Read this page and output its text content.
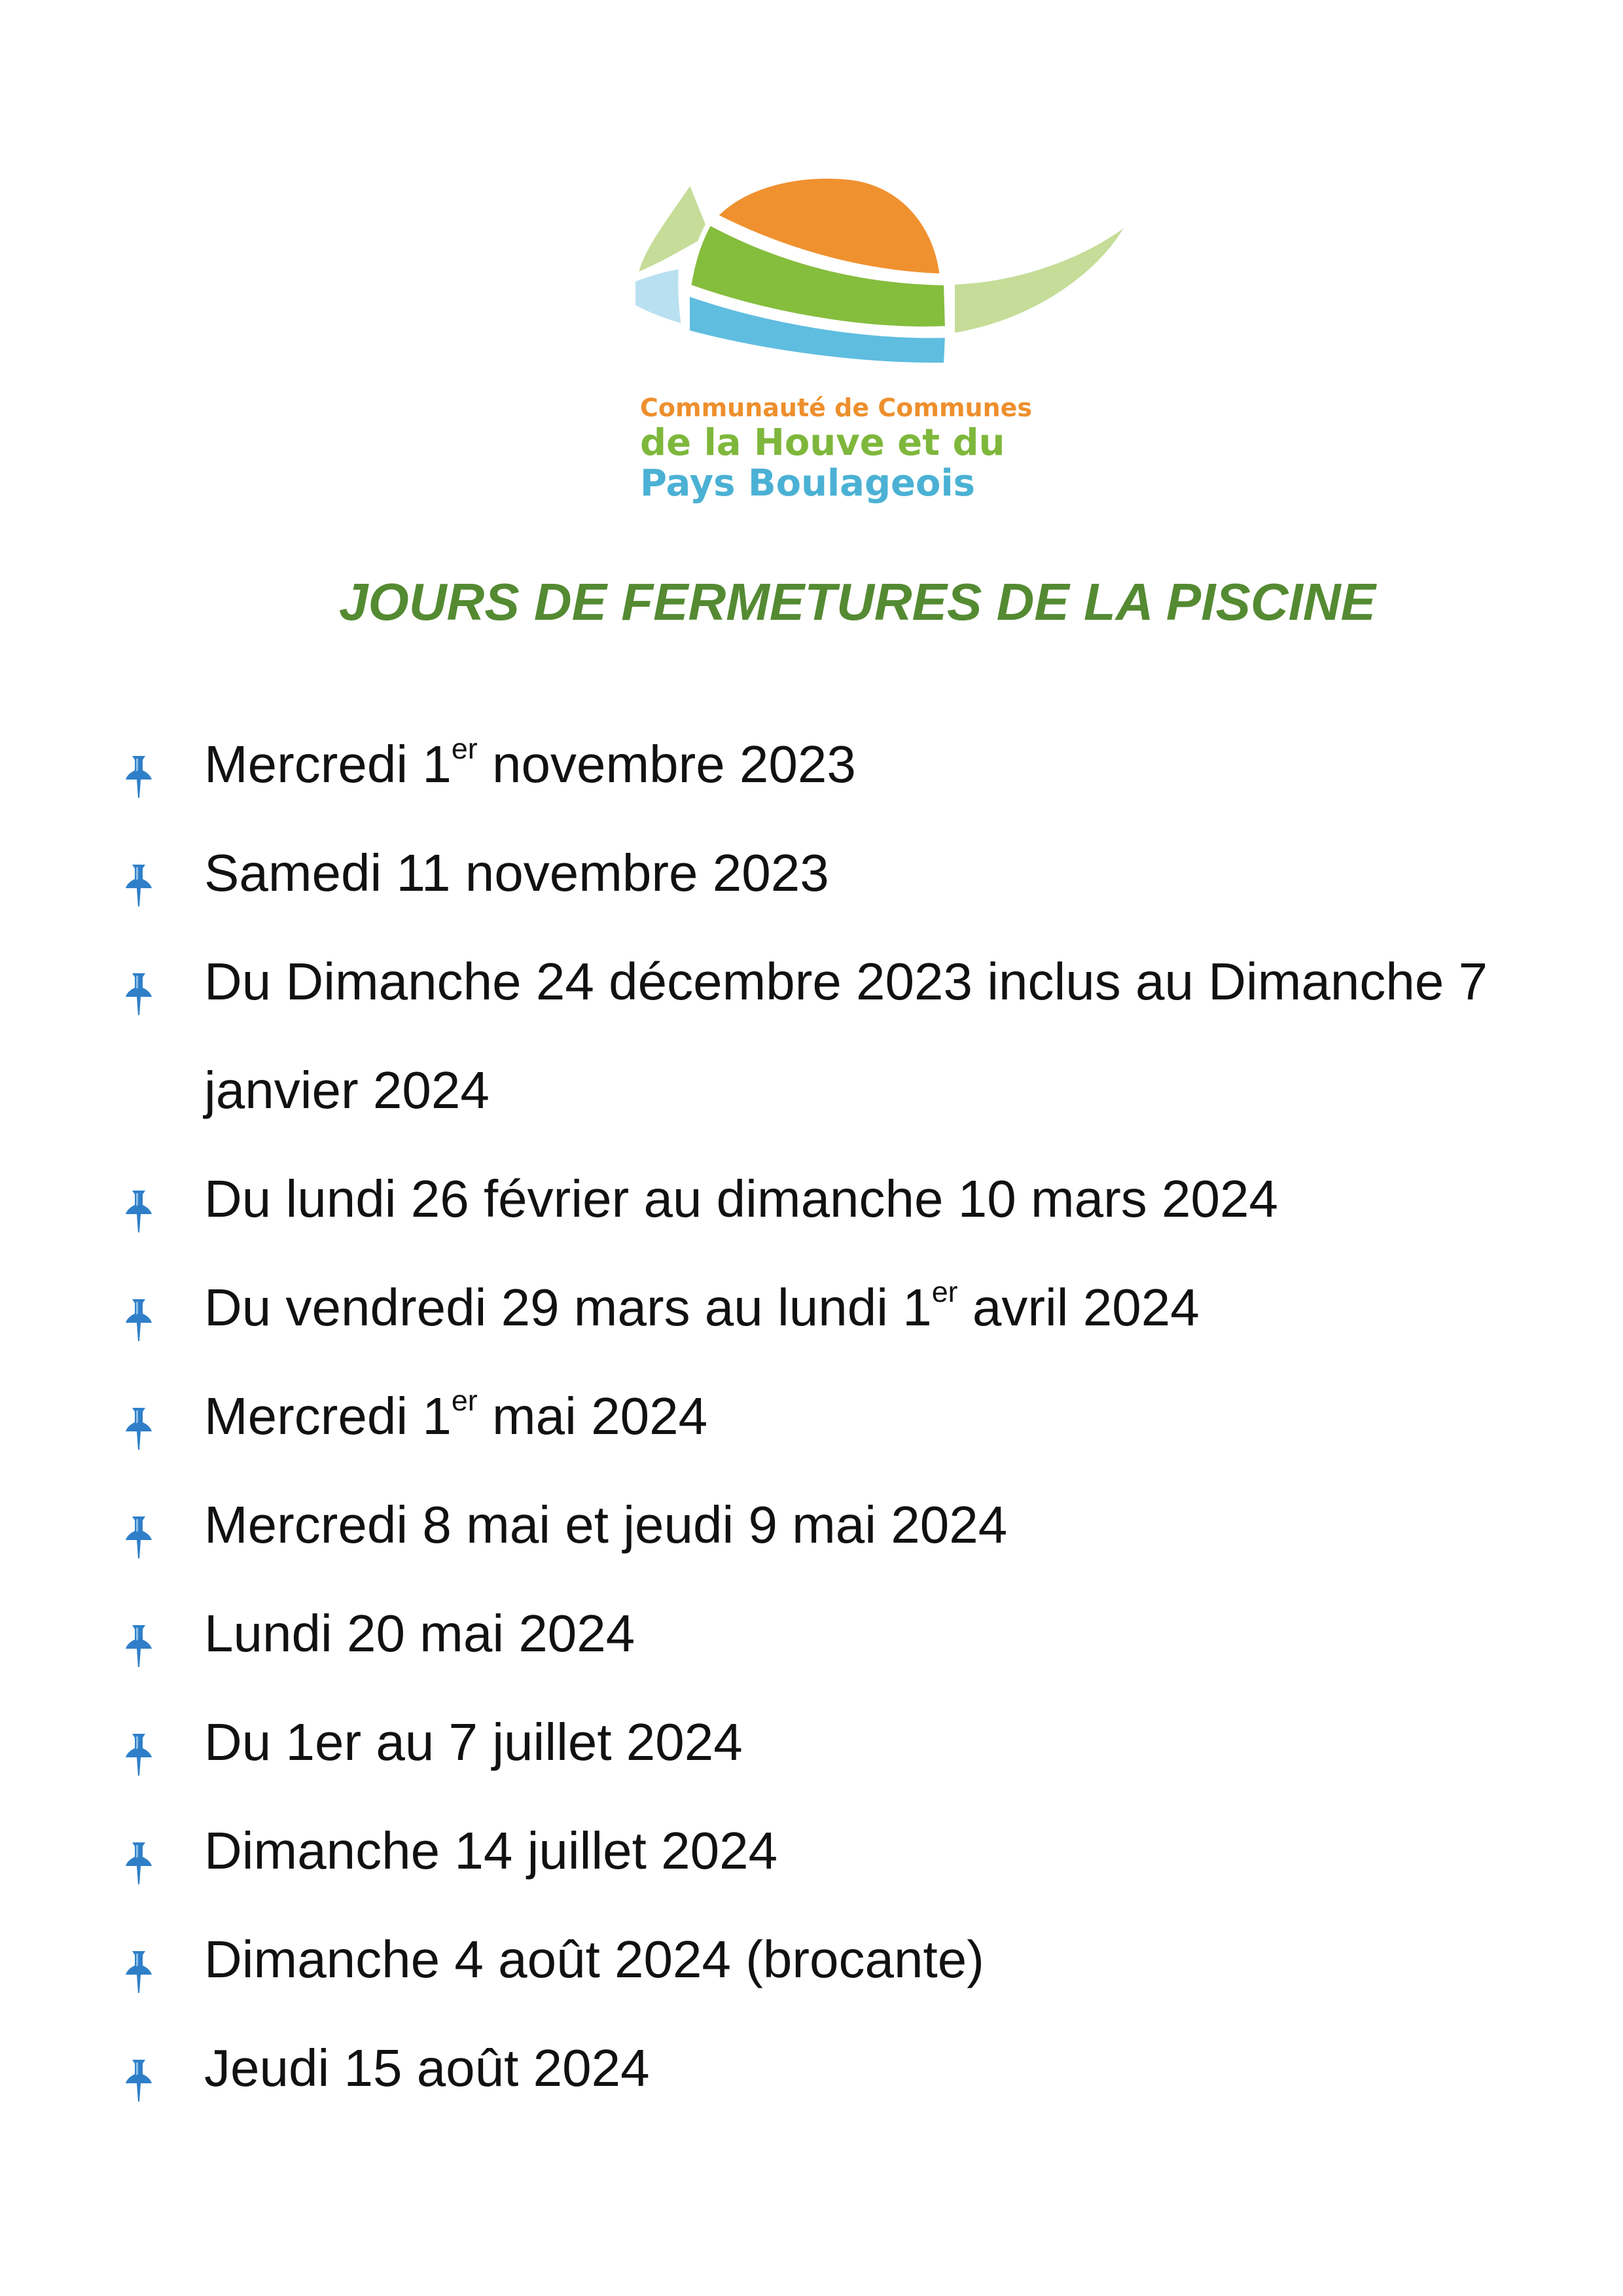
Communauté de Communes
de la Houve et du
Pays Boulageois
JOURS DE FERMETURES DE LA PISCINE
Mercredi 1er novembre 2023
Samedi 11 novembre 2023
Du Dimanche 24 décembre 2023 inclus au Dimanche 7 janvier 2024
Du lundi 26 février au dimanche 10 mars 2024
Du vendredi 29 mars au lundi 1er avril 2024
Mercredi 1er mai 2024
Mercredi 8 mai et jeudi 9 mai 2024
Lundi 20 mai 2024
Du 1er au 7 juillet 2024
Dimanche 14 juillet 2024
Dimanche 4 août 2024 (brocante)
Jeudi 15 août 2024
